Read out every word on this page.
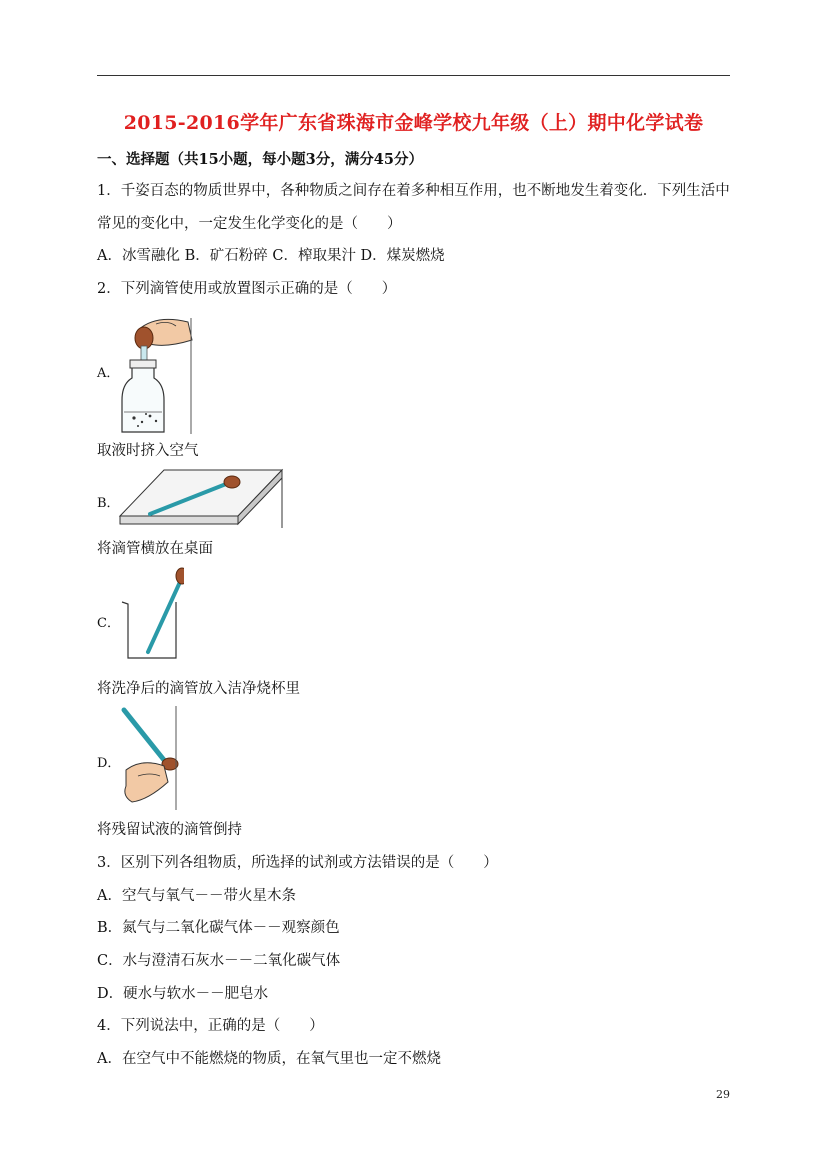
2015-2016学年广东省珠海市金峰学校九年级（上）期中化学试卷
一、选择题（共15小题，每小题3分，满分45分）
1．千姿百态的物质世界中，各种物质之间存在着多种相互作用，也不断地发生着变化．下列生活中
常见的变化中，一定发生化学变化的是（　　）
A．冰雪融化 B．矿石粉碎 C．榨取果汁 D．煤炭燃烧
2．下列滴管使用或放置图示正确的是（　　）
A．
取液时挤入空气
B．
将滴管横放在桌面
C．
将洗净后的滴管放入洁净烧杯里
D．
将残留试液的滴管倒持
3．区别下列各组物质，所选择的试剂或方法错误的是（　　）
A．空气与氧气－－带火星木条
B．氮气与二氧化碳气体－－观察颜色
C．水与澄清石灰水－－二氧化碳气体
D．硬水与软水－－肥皂水
4．下列说法中，正确的是（　　）
A．在空气中不能燃烧的物质，在氧气里也一定不燃烧
29
